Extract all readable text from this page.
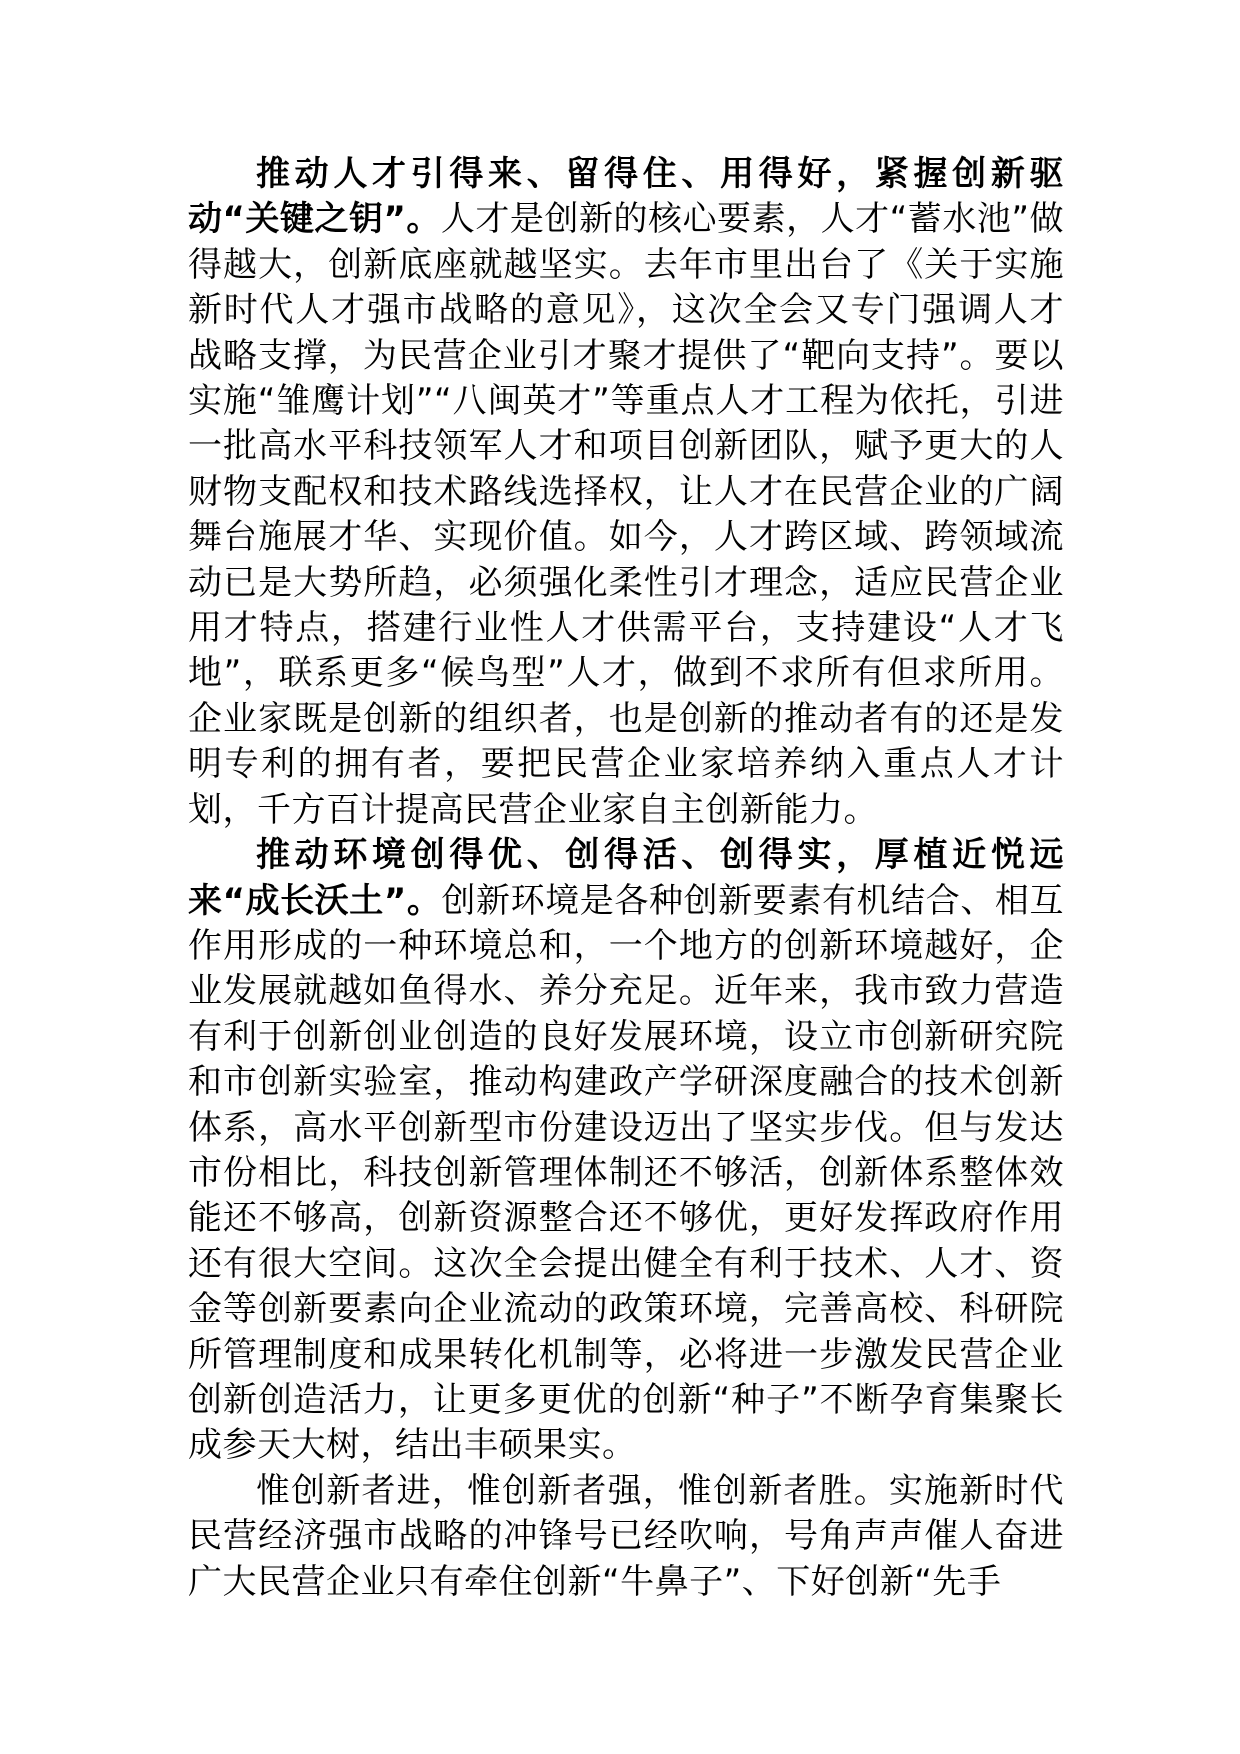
推动人才引得来、留得住、用得好，紧握创新驱动“关键之钥”。人才是创新的核心要素，人才“蓄水池”做得越大，创新底座就越坚实。去年市里出台了《关于实施新时代人才强市战略的意见》，这次全会又专门强调人才战略支撑，为民营企业引才聚才提供了“靶向支持”。要以实施“雏鹰计划”“八闽英才”等重点人才工程为依托，引进一批高水平科技领军人才和项目创新团队，赋予更大的人财物支配权和技术路线选择权，让人才在民营企业的广阔舞台施展才华、实现价值。如今，人才跨区域、跨领域流动已是大势所趋，必须强化柔性引才理念，适应民营企业用才特点，搭建行业性人才供需平台，支持建设“人才飞地”，联系更多“候鸟型”人才，做到不求所有但求所用。企业家既是创新的组织者，也是创新的推动者有的还是发明专利的拥有者，要把民营企业家培养纳入重点人才计划，千方百计提高民营企业家自主创新能力。

推动环境创得优、创得活、创得实，厚植近悦远来“成长沃土”。创新环境是各种创新要素有机结合、相互作用形成的一种环境总和，一个地方的创新环境越好，企业发展就越如鱼得水、养分充足。近年来，我市致力营造有利于创新创业创造的良好发展环境，设立市创新研究院和市创新实验室，推动构建政产学研深度融合的技术创新体系，高水平创新型市份建设迈出了坚实步伐。但与发达市份相比，科技创新管理体制还不够活，创新体系整体效能还不够高，创新资源整合还不够优，更好发挥政府作用还有很大空间。这次全会提出健全有利于技术、人才、资金等创新要素向企业流动的政策环境，完善高校、科研院所管理制度和成果转化机制等，必将进一步激发民营企业创新创造活力，让更多更优的创新“种子”不断孕育集聚长成参天大树，结出丰硕果实。

惟创新者进，惟创新者强，惟创新者胜。实施新时代民营经济强市战略的冲锋号已经吹响，号角声声催人奋进广大民营企业只有牵住创新“牛鼻子”、下好创新“先手
